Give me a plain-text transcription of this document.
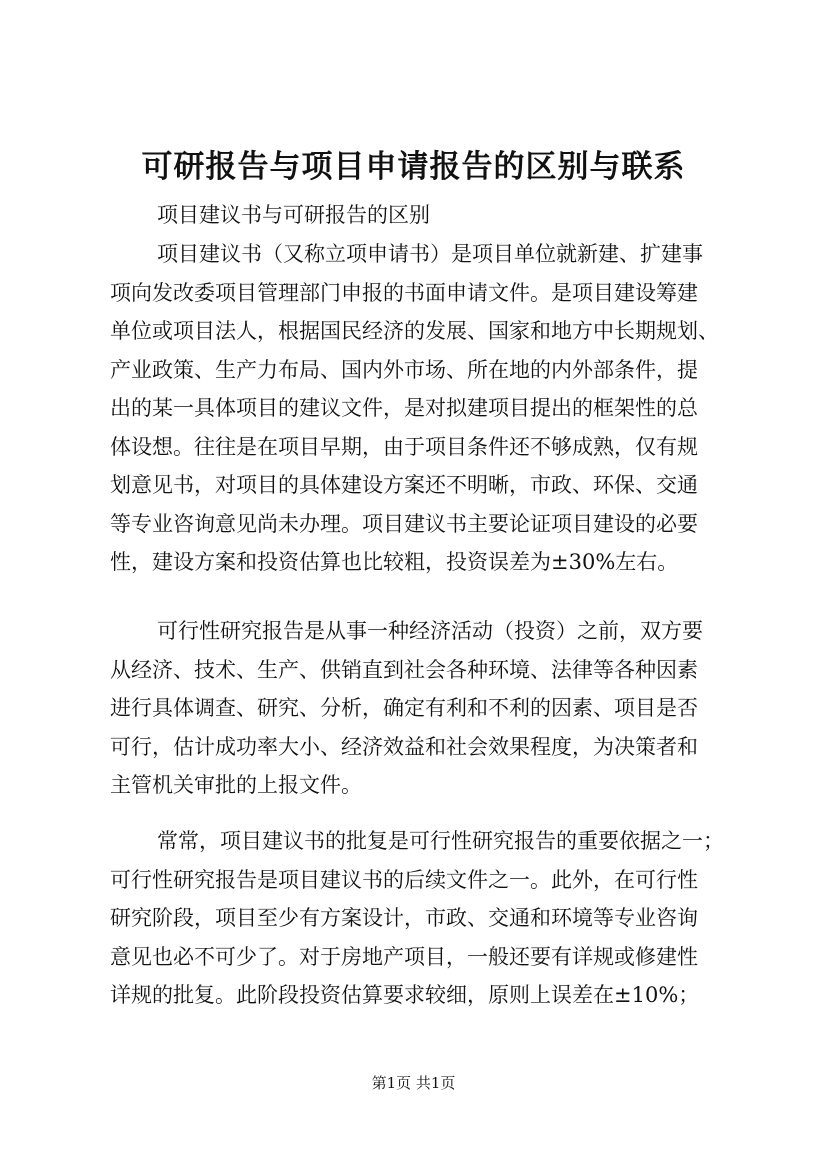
可研报告与项目申请报告的区别与联系

项目建议书与可研报告的区别

项目建议书（又称立项申请书）是项目单位就新建、扩建事
项向发改委项目管理部门申报的书面申请文件。是项目建设筹建
单位或项目法人，根据国民经济的发展、国家和地方中长期规划、
产业政策、生产力布局、国内外市场、所在地的内外部条件，提
出的某一具体项目的建议文件，是对拟建项目提出的框架性的总
体设想。往往是在项目早期，由于项目条件还不够成熟，仅有规
划意见书，对项目的具体建设方案还不明晰，市政、环保、交通
等专业咨询意见尚未办理。项目建议书主要论证项目建设的必要
性，建设方案和投资估算也比较粗，投资误差为±30%左右。
可行性研究报告是从事一种经济活动（投资）之前，双方要
从经济、技术、生产、供销直到社会各种环境、法律等各种因素
进行具体调查、研究、分析，确定有利和不利的因素、项目是否
可行，估计成功率大小、经济效益和社会效果程度，为决策者和
主管机关审批的上报文件。
常常，项目建议书的批复是可行性研究报告的重要依据之一；
可行性研究报告是项目建议书的后续文件之一。此外，在可行性
研究阶段，项目至少有方案设计，市政、交通和环境等专业咨询
意见也必不可少了。对于房地产项目，一般还要有详规或修建性
详规的批复。此阶段投资估算要求较细，原则上误差在±10%；

第1页 共1页
